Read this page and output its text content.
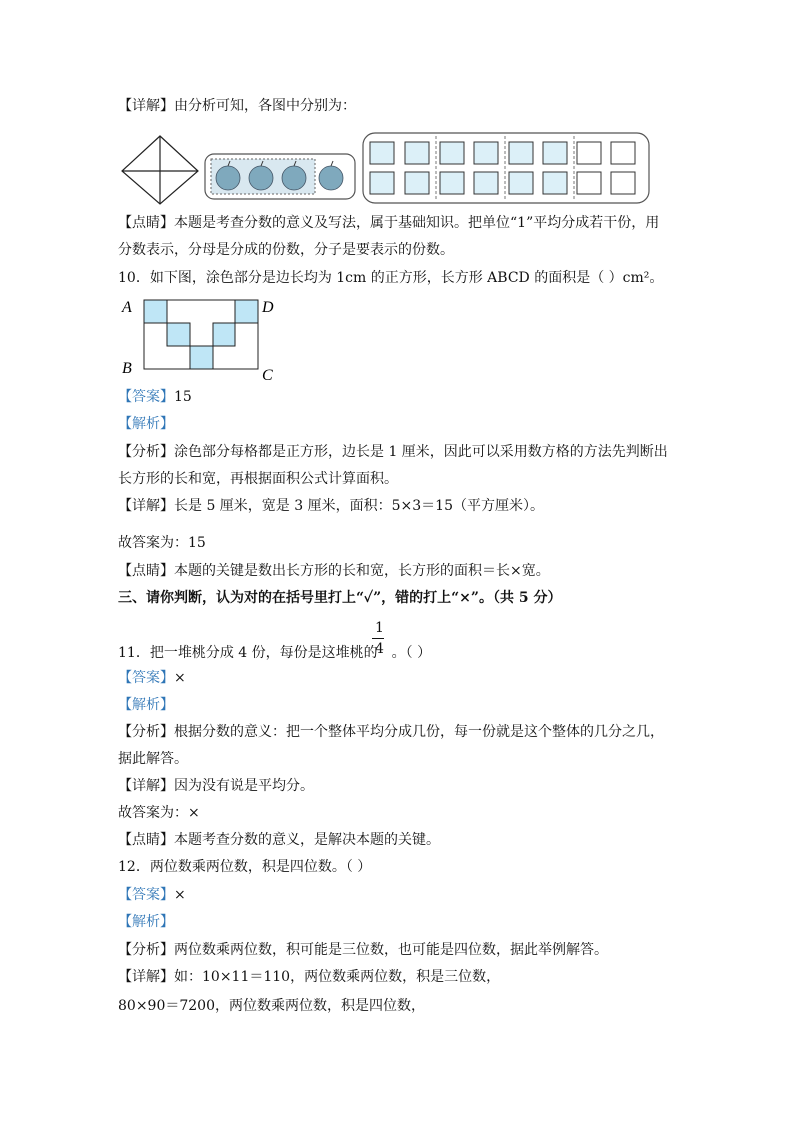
【详解】由分析可知，各图中分别为：
【点睛】本题是考查分数的意义及写法，属于基础知识。把单位“1”平均分成若干份，用
分数表示，分母是分成的份数，分子是要表示的份数。
10．如下图，涂色部分是边长均为 1cm 的正方形，长方形 ABCD 的面积是（ ）cm²。
A	D
B	C
【答案】15
【解析】
【分析】涂色部分每格都是正方形，边长是 1 厘米，因此可以采用数方格的方法先判断出
长方形的长和宽，再根据面积公式计算面积。
【详解】长是 5 厘米，宽是 3 厘米，面积：5×3＝15（平方厘米）。
故答案为：15
【点睛】本题的关键是数出长方形的长和宽，长方形的面积＝长×宽。
三、请你判断，认为对的在括号里打上“✓”，错的打上“×”。（共 5 分）
1
4
11．把一堆桃分成 4 份，每份是这堆桃的 。（ ）
【答案】×
【解析】
【分析】根据分数的意义：把一个整体平均分成几份，每一份就是这个整体的几分之几，
据此解答。
【详解】因为没有说是平均分。
故答案为：×
【点睛】本题考查分数的意义，是解决本题的关键。
12．两位数乘两位数，积是四位数。（ ）
【答案】×
【解析】
【分析】两位数乘两位数，积可能是三位数，也可能是四位数，据此举例解答。
【详解】如：10×11＝110，两位数乘两位数，积是三位数，
80×90＝7200，两位数乘两位数，积是四位数，
